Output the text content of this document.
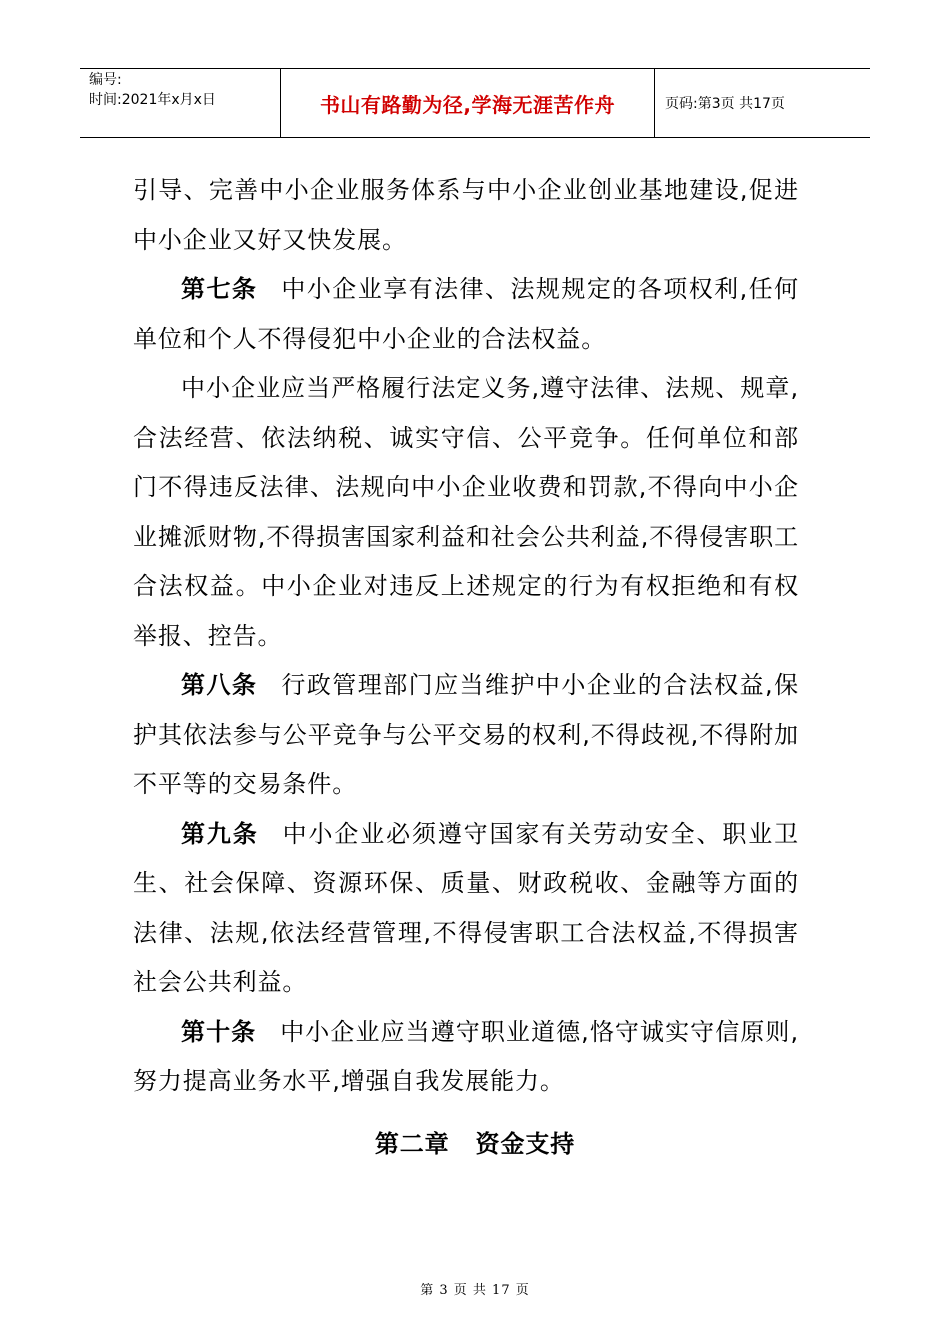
编号:
时间:2021年x月x日	书山有路勤为径,学海无涯苦作舟	页码:第3页 共17页

引导、完善中小企业服务体系与中小企业创业基地建设,促进中小企业又好又快发展。

第七条 中小企业享有法律、法规规定的各项权利,任何单位和个人不得侵犯中小企业的合法权益。

中小企业应当严格履行法定义务,遵守法律、法规、规章,合法经营、依法纳税、诚实守信、公平竞争。任何单位和部门不得违反法律、法规向中小企业收费和罚款,不得向中小企业摊派财物,不得损害国家利益和社会公共利益,不得侵害职工合法权益。中小企业对违反上述规定的行为有权拒绝和有权举报、控告。

第八条 行政管理部门应当维护中小企业的合法权益,保护其依法参与公平竞争与公平交易的权利,不得歧视,不得附加不平等的交易条件。

第九条 中小企业必须遵守国家有关劳动安全、职业卫生、社会保障、资源环保、质量、财政税收、金融等方面的法律、法规,依法经营管理,不得侵害职工合法权益,不得损害社会公共利益。

第十条 中小企业应当遵守职业道德,恪守诚实守信原则,努力提高业务水平,增强自我发展能力。

第二章 资金支持
第 3 页 共 17 页
